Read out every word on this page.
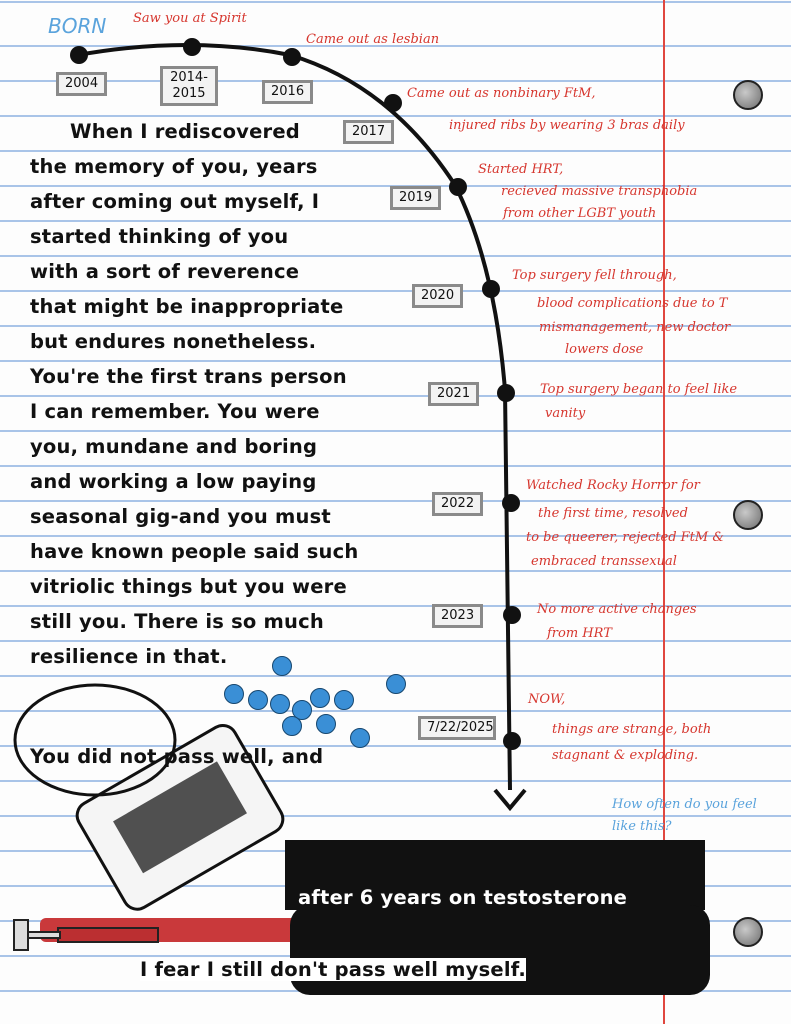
BORN
2004	2014-2015	2016
2017
2019
2020
2021
2022
2023
7/22/2025
Saw you at Spirit
Came out as lesbian
Came out as nonbinary FtM,
injured ribs by wearing 3 bras daily
Started HRT,
recieved massive transphobia
from other LGBT youth
Top surgery fell through,
blood complications due to T
mismanagement, new doctor
lowers dose
Top surgery began to feel like
vanity
Watched Rocky Horror for
the first time, resolved
to be queerer, rejected FtM &
embraced transsexual
No more active changes
from HRT
NOW,
things are strange, both
stagnant & exploding.
How often do you feel like this?
When I rediscovered
the memory of you, years
after coming out myself, I
started thinking of you
with a sort of reverence
that might be inappropriate
but endures nonetheless.
You're the first trans person
I can remember. You were
you, mundane and boring
and working a low paying
seasonal gig-and you must
have known people said such
vitriolic things but you were
still you. There is so much
resilience in that.
You did not pass well, and
after 6 years on testosterone
I fear I still don't pass well myself.
